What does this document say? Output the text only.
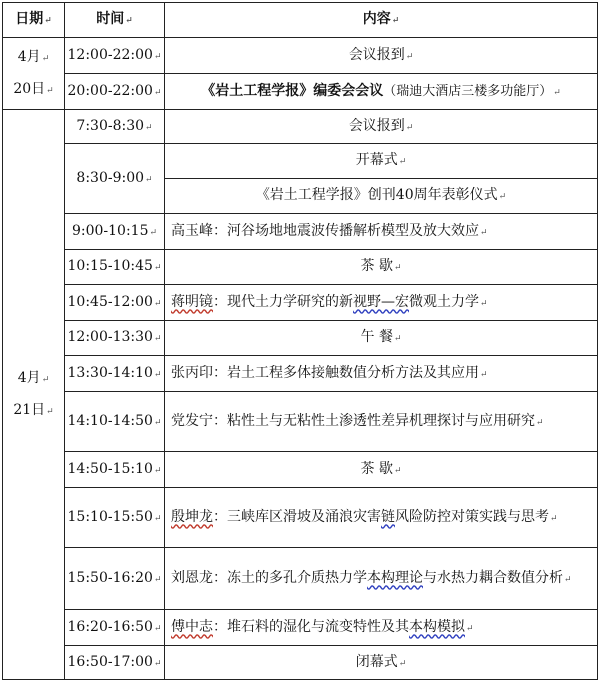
日期↵	时间↵	内容↵

4月↵
20日↵	12:00-22:00↵	会议报到↵
	20:00-22:00↵	《岩土工程学报》编委会会议（瑞迪大酒店三楼多功能厅）↵

4月↵
21日↵	7:30-8:30↵	会议报到↵
	8:30-9:00↵	开幕式↵
		《岩土工程学报》创刊40周年表彰仪式↵
	9:00-10:15↵	高玉峰：河谷场地地震波传播解析模型及放大效应↵
	10:15-10:45↵	茶 歇↵
	10:45-12:00↵	蒋明镜：现代土力学研究的新视野—宏微观土力学↵
	12:00-13:30↵	午 餐↵
	13:30-14:10↵	张丙印：岩土工程多体接触数值分析方法及其应用↵
	14:10-14:50↵	党发宁：粘性土与无粘性土渗透性差异机理探讨与应用研究↵
	14:50-15:10↵	茶 歇↵
	15:10-15:50↵	殷坤龙：三峡库区滑坡及涌浪灾害链风险防控对策实践与思考↵
	15:50-16:20↵	刘恩龙：冻土的多孔介质热力学本构理论与水热力耦合数值分析↵
	16:20-16:50↵	傅中志：堆石料的湿化与流变特性及其本构模拟↵
	16:50-17:00↵	闭幕式↵
